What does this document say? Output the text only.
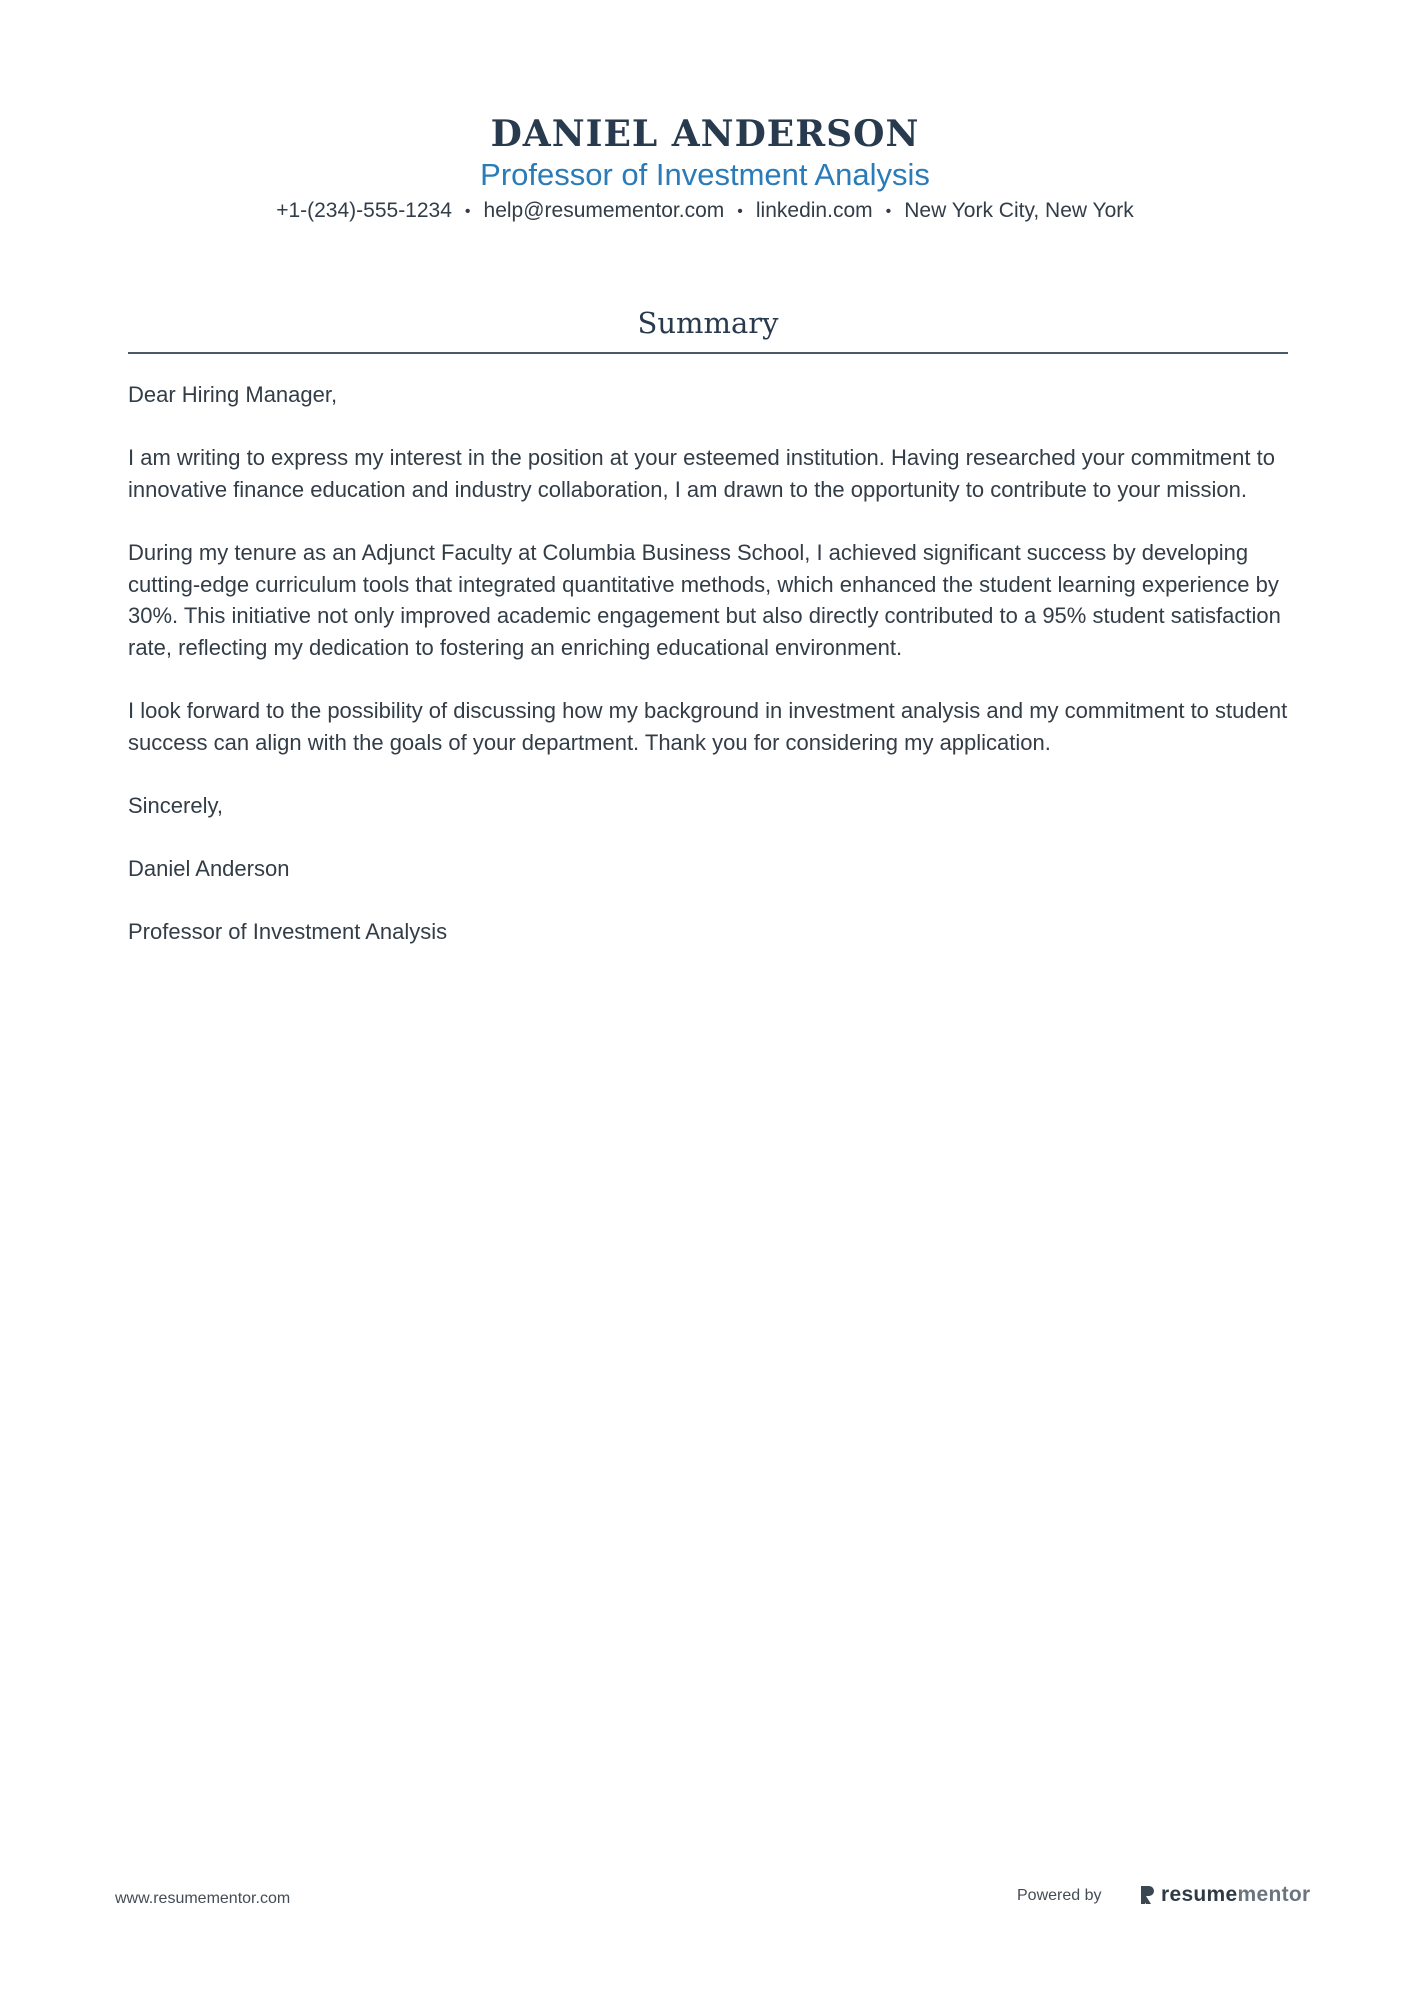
DANIEL ANDERSON
Professor of Investment Analysis
+1-(234)-555-1234 • help@resumementor.com • linkedin.com • New York City, New York
Summary

Dear Hiring Manager,

I am writing to express my interest in the position at your esteemed institution. Having researched your commitment to innovative finance education and industry collaboration, I am drawn to the opportunity to contribute to your mission.

During my tenure as an Adjunct Faculty at Columbia Business School, I achieved significant success by developing cutting-edge curriculum tools that integrated quantitative methods, which enhanced the student learning experience by 30%. This initiative not only improved academic engagement but also directly contributed to a 95% student satisfaction rate, reflecting my dedication to fostering an enriching educational environment.

I look forward to the possibility of discussing how my background in investment analysis and my commitment to student success can align with the goals of your department. Thank you for considering my application.

Sincerely,

Daniel Anderson

Professor of Investment Analysis

www.resumementor.com	Powered by	resumementor
